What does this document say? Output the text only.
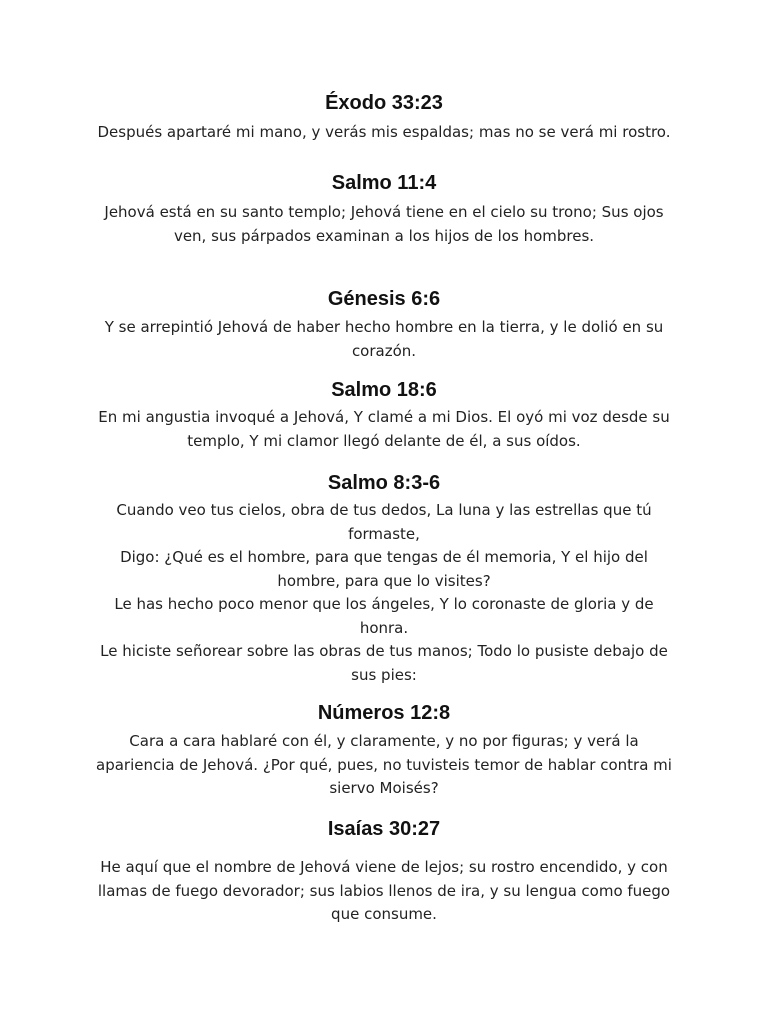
Éxodo 33:23

Después apartaré mi mano, y verás mis espaldas; mas no se verá mi rostro.

Salmo 11:4

Jehová está en su santo templo; Jehová tiene en el cielo su trono; Sus ojos ven, sus párpados examinan a los hijos de los hombres.

Génesis 6:6

Y se arrepintió Jehová de haber hecho hombre en la tierra, y le dolió en su corazón.

Salmo 18:6

En mi angustia invoqué a Jehová, Y clamé a mi Dios. El oyó mi voz desde su templo, Y mi clamor llegó delante de él, a sus oídos.

Salmo 8:3-6

Cuando veo tus cielos, obra de tus dedos, La luna y las estrellas que tú formaste,

Digo: ¿Qué es el hombre, para que tengas de él memoria, Y el hijo del hombre, para que lo visites?

Le has hecho poco menor que los ángeles, Y lo coronaste de gloria y de honra.

Le hiciste señorear sobre las obras de tus manos; Todo lo pusiste debajo de sus pies:

Números 12:8

Cara a cara hablaré con él, y claramente, y no por figuras; y verá la apariencia de Jehová. ¿Por qué, pues, no tuvisteis temor de hablar contra mi siervo Moisés?

Isaías 30:27

He aquí que el nombre de Jehová viene de lejos; su rostro encendido, y con llamas de fuego devorador; sus labios llenos de ira, y su lengua como fuego que consume.
